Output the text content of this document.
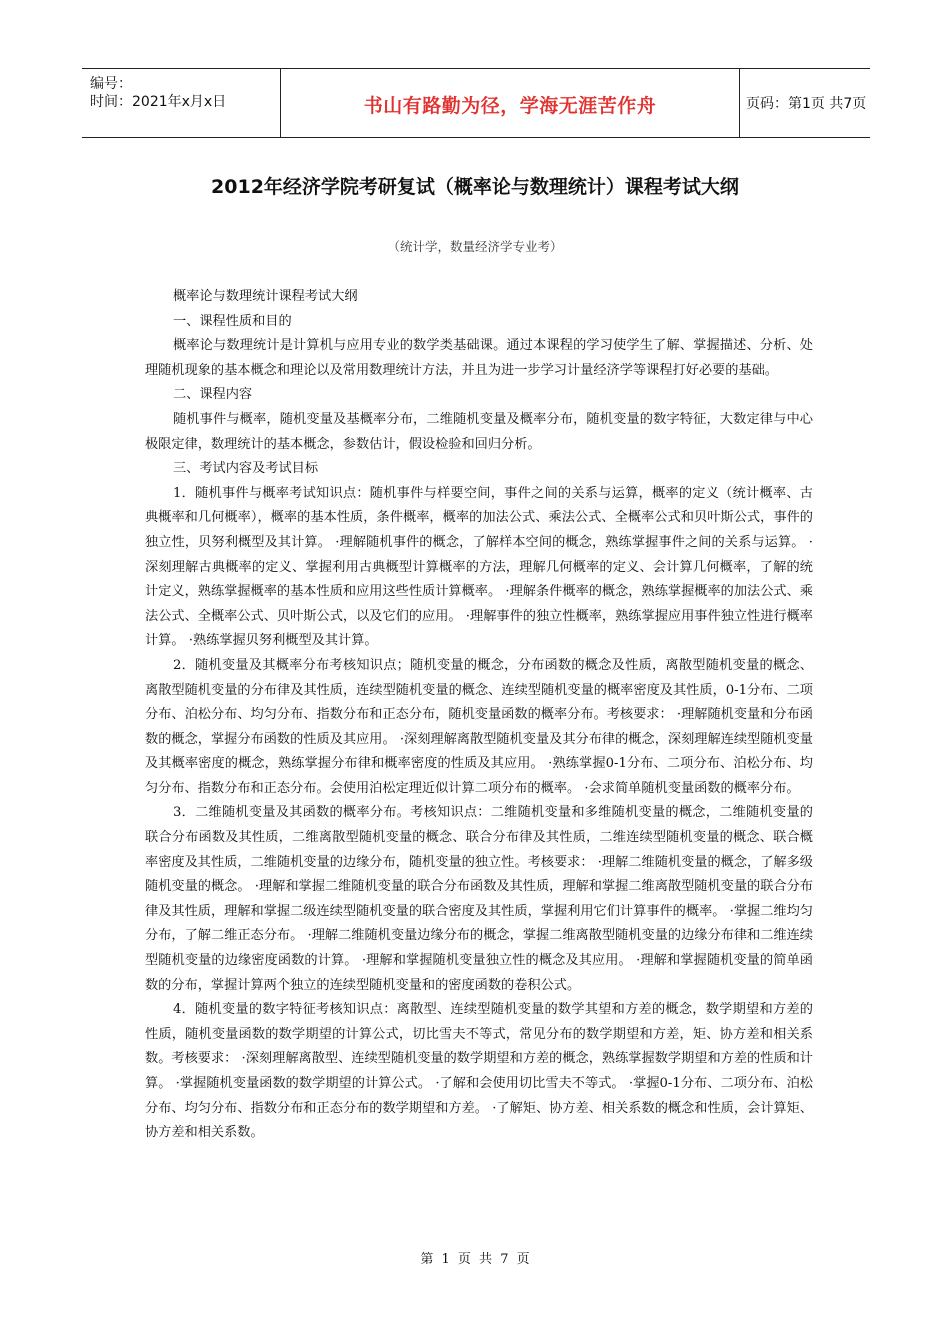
编号：
时间：2021年x月x日	书山有路勤为径，学海无涯苦作舟	页码：第1页 共7页
2012年经济学院考研复试（概率论与数理统计）课程考试大纲
（统计学，数量经济学专业考）

概率论与数理统计课程考试大纲

一、课程性质和目的

概率论与数理统计是计算机与应用专业的数学类基础课。通过本课程的学习使学生了解、掌握描述、分析、处理随机现象的基本概念和理论以及常用数理统计方法，并且为进一步学习计量经济学等课程打好必要的基础。

二、课程内容

随机事件与概率，随机变量及基概率分布，二维随机变量及概率分布，随机变量的数字特征，大数定律与中心极限定律，数理统计的基本概念，参数估计，假设检验和回归分析。

三、考试内容及考试目标

1．随机事件与概率考试知识点：随机事件与样要空间，事件之间的关系与运算，概率的定义（统计概率、古典概率和几何概率），概率的基本性质，条件概率，概率的加法公式、乘法公式、全概率公式和贝叶斯公式，事件的独立性，贝努利概型及其计算。 ·理解随机事件的概念，了解样本空间的概念，熟练掌握事件之间的关系与运算。 ·深刻理解古典概率的定义、掌握利用古典概型计算概率的方法，理解几何概率的定义、会计算几何概率，了解的统计定义，熟练掌握概率的基本性质和应用这些性质计算概率。 ·理解条件概率的概念，熟练掌握概率的加法公式、乘法公式、全概率公式、贝叶斯公式，以及它们的应用。 ·理解事件的独立性概率，熟练掌握应用事件独立性进行概率计算。 ·熟练掌握贝努利概型及其计算。

2．随机变量及其概率分布考核知识点；随机变量的概念，分布函数的概念及性质，离散型随机变量的概念、离散型随机变量的分布律及其性质，连续型随机变量的概念、连续型随机变量的概率密度及其性质，0-1分布、二项分布、泊松分布、均匀分布、指数分布和正态分布，随机变量函数的概率分布。考核要求： ·理解随机变量和分布函数的概念，掌握分布函数的性质及其应用。 ·深刻理解离散型随机变量及其分布律的概念，深刻理解连续型随机变量及其概率密度的概念，熟练掌握分布律和概率密度的性质及其应用。 ·熟练掌握0-1分布、二项分布、泊松分布、均匀分布、指数分布和正态分布。会使用泊松定理近似计算二项分布的概率。 ·会求简单随机变量函数的概率分布。

3．二维随机变量及其函数的概率分布。考核知识点：二维随机变量和多维随机变量的概念，二维随机变量的联合分布函数及其性质，二维离散型随机变量的概念、联合分布律及其性质，二维连续型随机变量的概念、联合概率密度及其性质，二维随机变量的边缘分布，随机变量的独立性。考核要求： ·理解二维随机变量的概念，了解多级随机变量的概念。 ·理解和掌握二维随机变量的联合分布函数及其性质，理解和掌握二维离散型随机变量的联合分布律及其性质，理解和掌握二级连续型随机变量的联合密度及其性质，掌握利用它们计算事件的概率。 ·掌握二维均匀分布，了解二维正态分布。 ·理解二维随机变量边缘分布的概念，掌握二维离散型随机变量的边缘分布律和二维连续型随机变量的边缘密度函数的计算。 ·理解和掌握随机变量独立性的概念及其应用。 ·理解和掌握随机变量的简单函数的分布，掌握计算两个独立的连续型随机变量和的密度函数的卷积公式。

4．随机变量的数字特征考核知识点：离散型、连续型随机变量的数学其望和方差的概念，数学期望和方差的性质，随机变量函数的数学期望的计算公式，切比雪夫不等式，常见分布的数学期望和方差，矩、协方差和相关系数。考核要求： ·深刻理解离散型、连续型随机变量的数学期望和方差的概念，熟练掌握数学期望和方差的性质和计算。 ·掌握随机变量函数的数学期望的计算公式。 ·了解和会使用切比雪夫不等式。 ·掌握0-1分布、二项分布、泊松分布、均匀分布、指数分布和正态分布的数学期望和方差。 ·了解矩、协方差、相关系数的概念和性质，会计算矩、协方差和相关系数。

第 1 页 共 7 页
